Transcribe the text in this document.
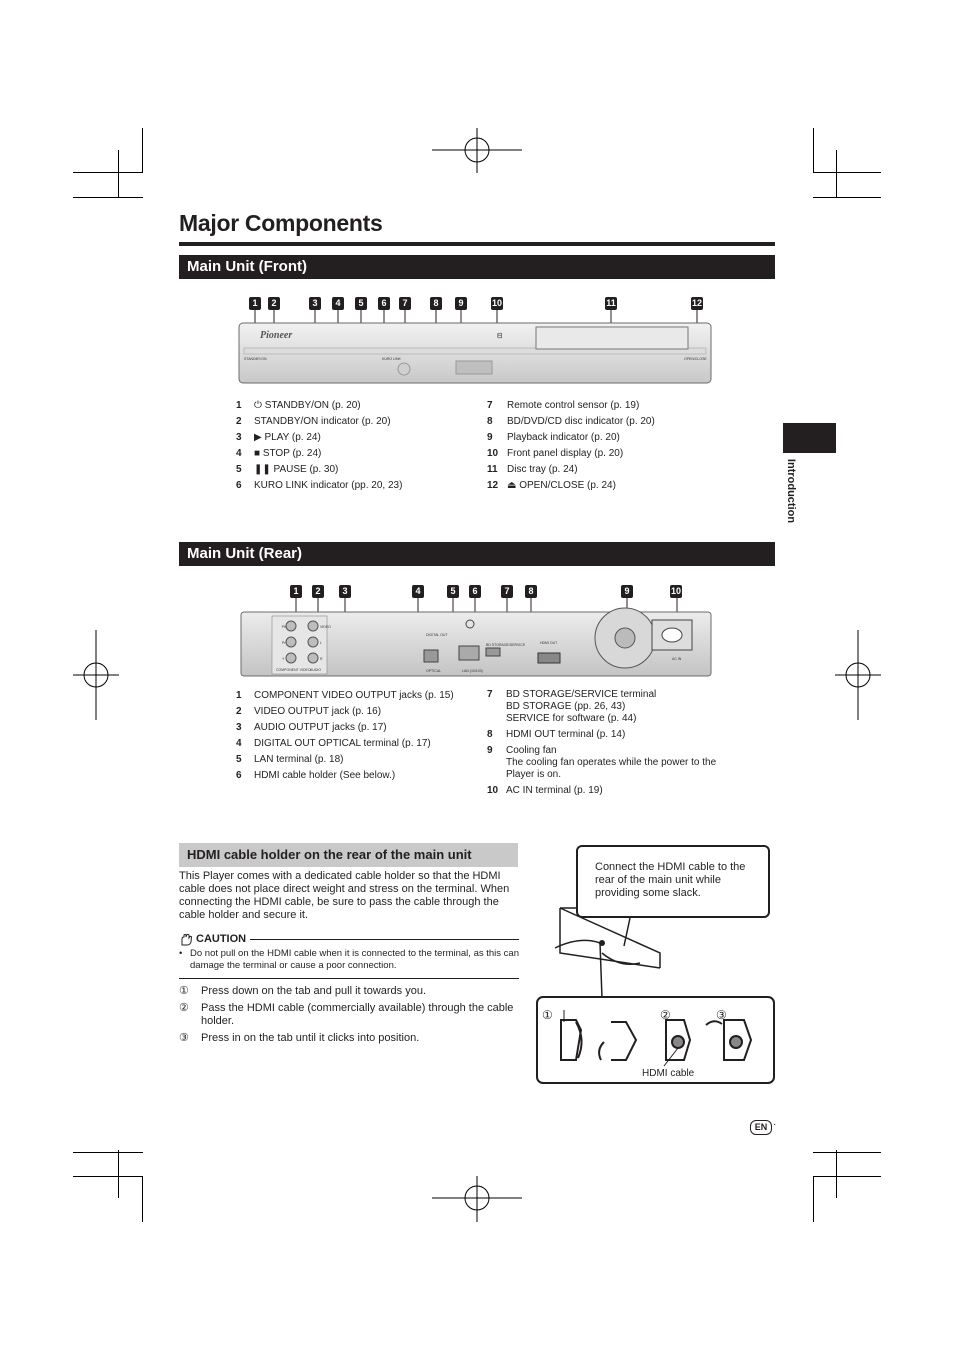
Major Components
Introduction
Main Unit (Front)
1	2	3	4	5	6	7	8	9	10	11	12
Pioneer
STANDBY/ON	KURO LINK	OPEN/CLOSE
ᗺ
1	⏻ STANDBY/ON (p. 20)
2	STANDBY/ON indicator (p. 20)
3	▶ PLAY (p. 24)
4	■ STOP (p. 24)
5	❚❚ PAUSE (p. 30)
6	KURO LINK indicator (pp. 20, 23)
7	Remote control sensor (p. 19)
8	BD/DVD/CD disc indicator (p. 20)
9	Playback indicator (p. 20)
10 Front panel display (p. 20)
11 Disc tray (p. 24)
12 ⏏ OPEN/CLOSE (p. 24)
Main Unit (Rear)
1	2	3	4	5	6	7	8	9	10
Pb
Pr
Y
VIDEO
L
R
COMPONENT VIDEO AUDIO
DIGITAL OUT
OPTICAL	LAN (10/100)
BD STORAGE/SERVICE	HDMI OUT
AC IN
1	COMPONENT VIDEO OUTPUT jacks (p. 15)
2	VIDEO OUTPUT jack (p. 16)
3	AUDIO OUTPUT jacks (p. 17)
4	DIGITAL OUT OPTICAL terminal (p. 17)
5	LAN terminal (p. 18)
6	HDMI cable holder (See below.)
7	BD STORAGE/SERVICE terminal
BD STORAGE (pp. 26, 43)
SERVICE for software (p. 44)
8	HDMI OUT terminal (p. 14)
9	Cooling fan
The cooling fan operates while the power to the Player is on.
10 AC IN terminal (p. 19)
HDMI cable holder on the rear of the main unit
This Player comes with a dedicated cable holder so that the HDMI cable does not place direct weight and stress on the terminal. When connecting the HDMI cable, be sure to pass the cable through the cable holder and secure it.
CAUTION
• Do not pull on the HDMI cable when it is connected to the terminal, as this can damage the terminal or cause a poor connection.
①	Press down on the tab and pull it towards you.
②	Pass the HDMI cable (commercially available) through the cable holder.
③	Press in on the tab until it clicks into position.
Connect the HDMI cable to the rear of the main unit while providing some slack.
①	②	③
HDMI cable
EN ·
